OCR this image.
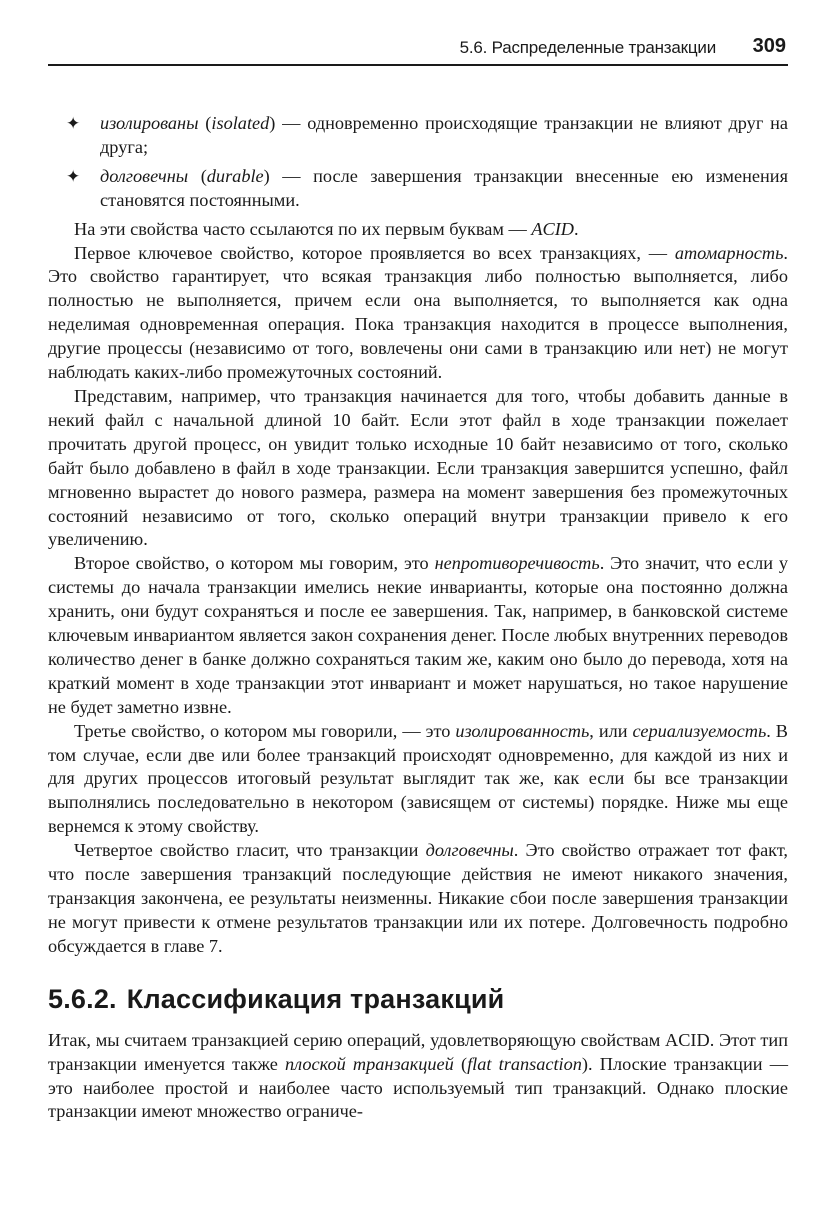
5.6. Распределенные транзакции 309
✦ изолированы (isolated) — одновременно происходящие транзакции не влияют друг на друга;
✦ долговечны (durable) — после завершения транзакции внесенные ею изменения становятся постоянными.

На эти свойства часто ссылаются по их первым буквам — ACID.

Первое ключевое свойство, которое проявляется во всех транзакциях, — атомарность. Это свойство гарантирует, что всякая транзакция либо полностью выполняется, либо полностью не выполняется, причем если она выполняется, то выполняется как одна неделимая одновременная операция. Пока транзакция находится в процессе выполнения, другие процессы (независимо от того, вовлечены они сами в транзакцию или нет) не могут наблюдать каких-либо промежуточных состояний.

Представим, например, что транзакция начинается для того, чтобы добавить данные в некий файл с начальной длиной 10 байт. Если этот файл в ходе транзакции пожелает прочитать другой процесс, он увидит только исходные 10 байт независимо от того, сколько байт было добавлено в файл в ходе транзакции. Если транзакция завершится успешно, файл мгновенно вырастет до нового размера, размера на момент завершения без промежуточных состояний независимо от того, сколько операций внутри транзакции привело к его увеличению.

Второе свойство, о котором мы говорим, это непротиворечивость. Это значит, что если у системы до начала транзакции имелись некие инварианты, которые она постоянно должна хранить, они будут сохраняться и после ее завершения. Так, например, в банковской системе ключевым инвариантом является закон сохранения денег. После любых внутренних переводов количество денег в банке должно сохраняться таким же, каким оно было до перевода, хотя на краткий момент в ходе транзакции этот инвариант и может нарушаться, но такое нарушение не будет заметно извне.

Третье свойство, о котором мы говорили, — это изолированность, или сериализуемость. В том случае, если две или более транзакций происходят одновременно, для каждой из них и для других процессов итоговый результат выглядит так же, как если бы все транзакции выполнялись последовательно в некотором (зависящем от системы) порядке. Ниже мы еще вернемся к этому свойству.

Четвертое свойство гласит, что транзакции долговечны. Это свойство отражает тот факт, что после завершения транзакций последующие действия не имеют никакого значения, транзакция закончена, ее результаты неизменны. Никакие сбои после завершения транзакции не могут привести к отмене результатов транзакции или их потере. Долговечность подробно обсуждается в главе 7.

5.6.2. Классификация транзакций

Итак, мы считаем транзакцией серию операций, удовлетворяющую свойствам ACID. Этот тип транзакции именуется также плоской транзакцией (flat transaction). Плоские транзакции — это наиболее простой и наиболее часто используемый тип транзакций. Однако плоские транзакции имеют множество ограниче-
